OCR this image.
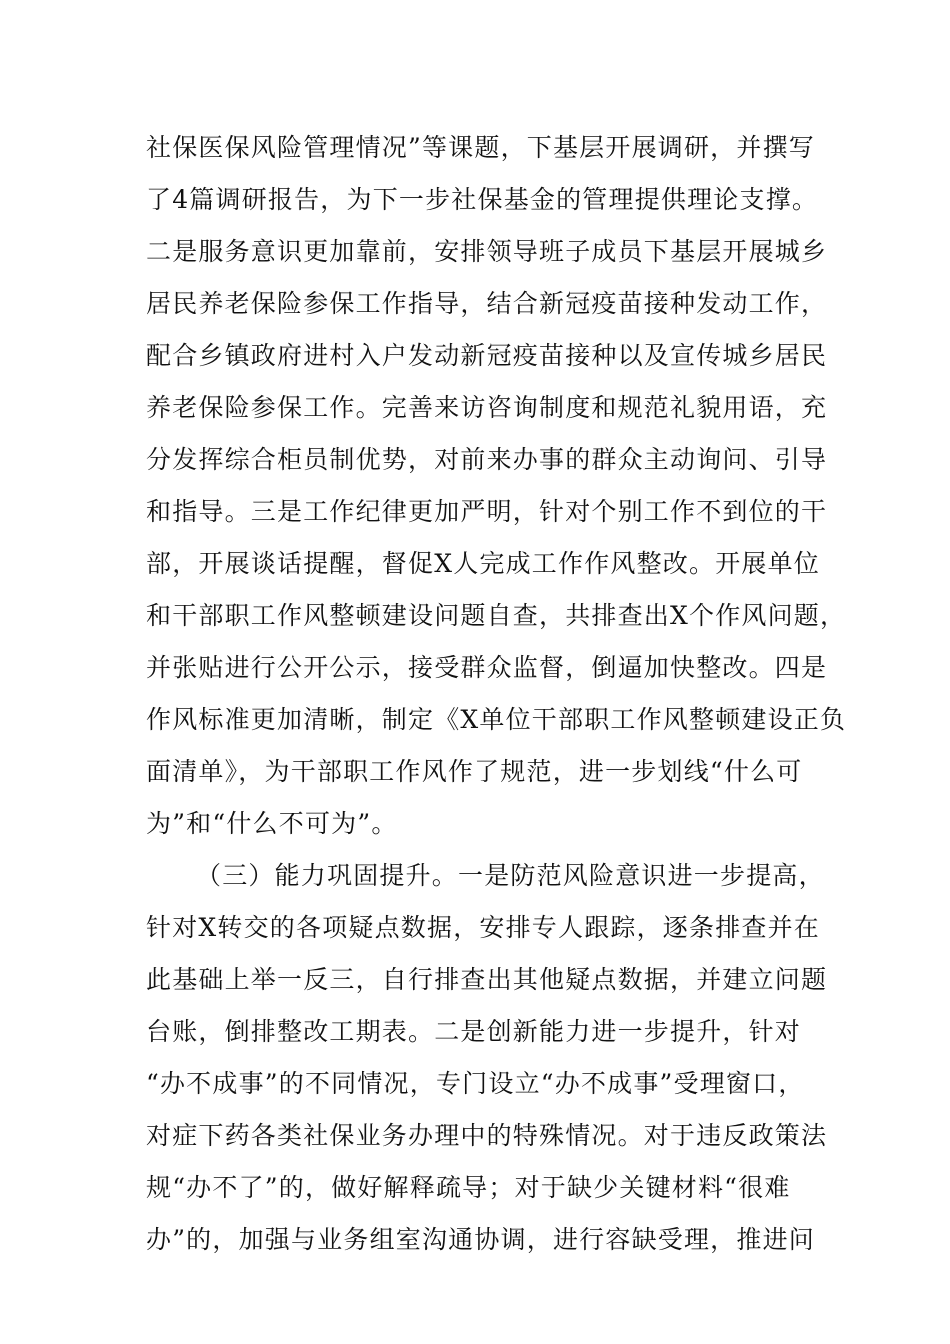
社保医保风险管理情况”等课题，下基层开展调研，并撰写
了4篇调研报告，为下一步社保基金的管理提供理论支撑。
二是服务意识更加靠前，安排领导班子成员下基层开展城乡
居民养老保险参保工作指导，结合新冠疫苗接种发动工作，
配合乡镇政府进村入户发动新冠疫苗接种以及宣传城乡居民
养老保险参保工作。完善来访咨询制度和规范礼貌用语，充
分发挥综合柜员制优势，对前来办事的群众主动询问、引导
和指导。三是工作纪律更加严明，针对个别工作不到位的干
部，开展谈话提醒，督促X人完成工作作风整改。开展单位
和干部职工作风整顿建设问题自查，共排查出X个作风问题，
并张贴进行公开公示，接受群众监督，倒逼加快整改。四是
作风标准更加清晰，制定《X单位干部职工作风整顿建设正负
面清单》，为干部职工作风作了规范，进一步划线“什么可
为”和“什么不可为”。
（三）能力巩固提升。一是防范风险意识进一步提高，
针对X转交的各项疑点数据，安排专人跟踪，逐条排查并在
此基础上举一反三，自行排查出其他疑点数据，并建立问题
台账，倒排整改工期表。二是创新能力进一步提升，针对
“办不成事”的不同情况，专门设立“办不成事”受理窗口，
对症下药各类社保业务办理中的特殊情况。对于违反政策法
规“办不了”的，做好解释疏导；对于缺少关键材料“很难
办”的，加强与业务组室沟通协调，进行容缺受理，推进问
